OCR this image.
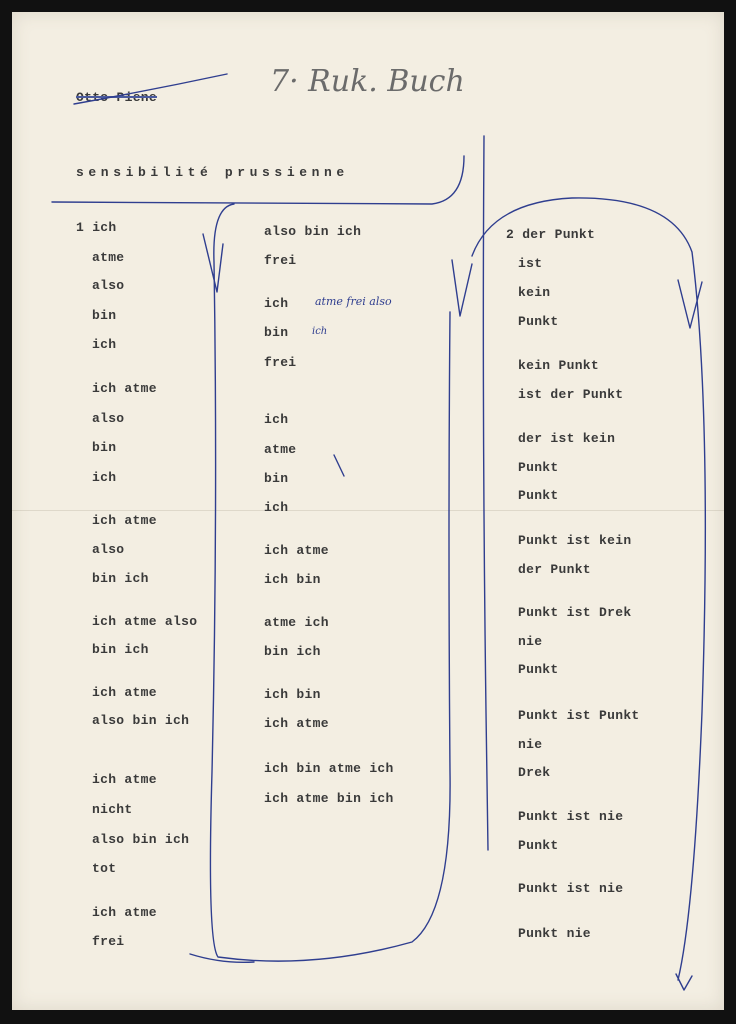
Otto Piene	7· Ruk. Buch
sensibilité prussienne
1 ich
atme
also
bin
ich
ich atme
also
bin
ich
ich atme
also
bin ich
ich atme also
bin ich
ich atme
also bin ich
ich atme
nicht
also bin ich
tot
ich atme
frei
also bin ich
frei
ich
bin
frei
ich
atme
bin
ich
ich atme
ich bin
atme ich
bin ich
ich bin
ich atme
ich bin atme ich
ich atme bin ich
atme frei also
ich
2 der Punkt
ist
kein
Punkt
kein Punkt
ist der Punkt
der ist kein
Punkt
Punkt
Punkt ist kein
der Punkt
Punkt ist Drek
nie
Punkt
Punkt ist Punkt
nie
Drek
Punkt ist nie
Punkt
Punkt ist nie
Punkt nie
